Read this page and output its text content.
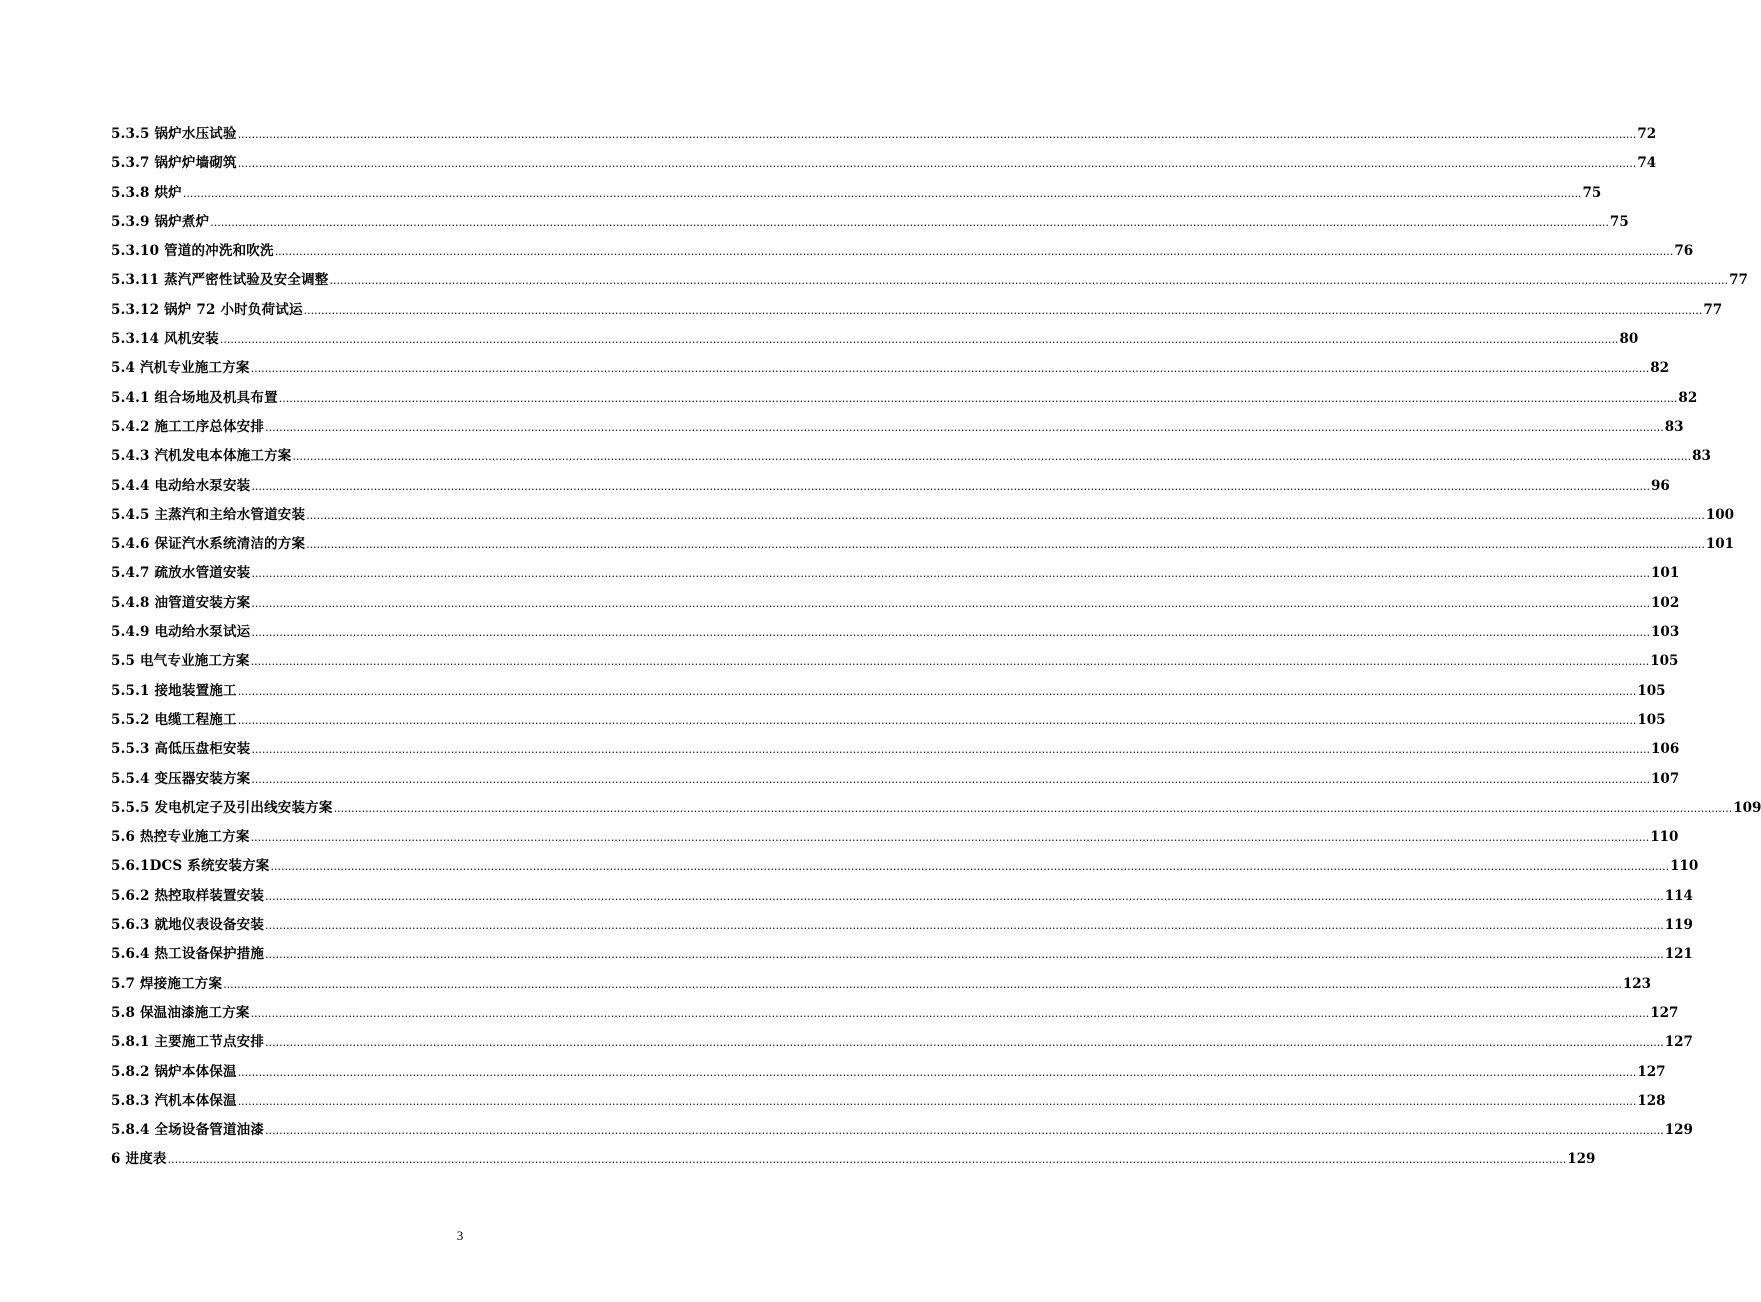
5.3.5 锅炉水压试验 ................................................................................................................................................................................................................................................................................................................................................................................................................ 72
5.3.7 锅炉炉墙砌筑 ................................................................................................................................................................................................................................................................................................................................................................................................................ 74
5.3.8 烘炉 ................................................................................................................................................................................................................................................................................................................................................................................................................ 75
5.3.9 锅炉煮炉 ................................................................................................................................................................................................................................................................................................................................................................................................................ 75
5.3.10 管道的冲洗和吹洗 ................................................................................................................................................................................................................................................................................................................................................................................................................ 76
5.3.11 蒸汽严密性试验及安全调整 ................................................................................................................................................................................................................................................................................................................................................................................................................ 77
5.3.12 锅炉 72 小时负荷试运 ................................................................................................................................................................................................................................................................................................................................................................................................................ 77
5.3.14 风机安装 ................................................................................................................................................................................................................................................................................................................................................................................................................ 80
5.4 汽机专业施工方案 ................................................................................................................................................................................................................................................................................................................................................................................................................ 82
5.4.1 组合场地及机具布置 ................................................................................................................................................................................................................................................................................................................................................................................................................ 82
5.4.2 施工工序总体安排 ................................................................................................................................................................................................................................................................................................................................................................................................................ 83
5.4.3 汽机发电本体施工方案 ................................................................................................................................................................................................................................................................................................................................................................................................................ 83
5.4.4 电动给水泵安装 ................................................................................................................................................................................................................................................................................................................................................................................................................ 96
5.4.5 主蒸汽和主给水管道安装 ................................................................................................................................................................................................................................................................................................................................................................................................................ 100
5.4.6 保证汽水系统清洁的方案 ................................................................................................................................................................................................................................................................................................................................................................................................................ 101
5.4.7 疏放水管道安装 ................................................................................................................................................................................................................................................................................................................................................................................................................ 101
5.4.8 油管道安装方案 ................................................................................................................................................................................................................................................................................................................................................................................................................ 102
5.4.9 电动给水泵试运 ................................................................................................................................................................................................................................................................................................................................................................................................................ 103
5.5 电气专业施工方案 ................................................................................................................................................................................................................................................................................................................................................................................................................ 105
5.5.1 接地装置施工 ................................................................................................................................................................................................................................................................................................................................................................................................................ 105
5.5.2 电缆工程施工 ................................................................................................................................................................................................................................................................................................................................................................................................................ 105
5.5.3 高低压盘柜安装 ................................................................................................................................................................................................................................................................................................................................................................................................................ 106
5.5.4 变压器安装方案 ................................................................................................................................................................................................................................................................................................................................................................................................................ 107
5.5.5 发电机定子及引出线安装方案 ................................................................................................................................................................................................................................................................................................................................................................................................................ 109
5.6 热控专业施工方案 ................................................................................................................................................................................................................................................................................................................................................................................................................ 110
5.6.1DCS 系统安装方案 ................................................................................................................................................................................................................................................................................................................................................................................................................ 110
5.6.2 热控取样装置安装 ................................................................................................................................................................................................................................................................................................................................................................................................................ 114
5.6.3 就地仪表设备安装 ................................................................................................................................................................................................................................................................................................................................................................................................................ 119
5.6.4 热工设备保护措施 ................................................................................................................................................................................................................................................................................................................................................................................................................ 121
5.7 焊接施工方案 ................................................................................................................................................................................................................................................................................................................................................................................................................ 123
5.8 保温油漆施工方案 ................................................................................................................................................................................................................................................................................................................................................................................................................ 127
5.8.1 主要施工节点安排 ................................................................................................................................................................................................................................................................................................................................................................................................................ 127
5.8.2 锅炉本体保温 ................................................................................................................................................................................................................................................................................................................................................................................................................ 127
5.8.3 汽机本体保温 ................................................................................................................................................................................................................................................................................................................................................................................................................ 128
5.8.4 全场设备管道油漆 ................................................................................................................................................................................................................................................................................................................................................................................................................ 129
6 进度表 ................................................................................................................................................................................................................................................................................................................................................................................................................ 129
3
